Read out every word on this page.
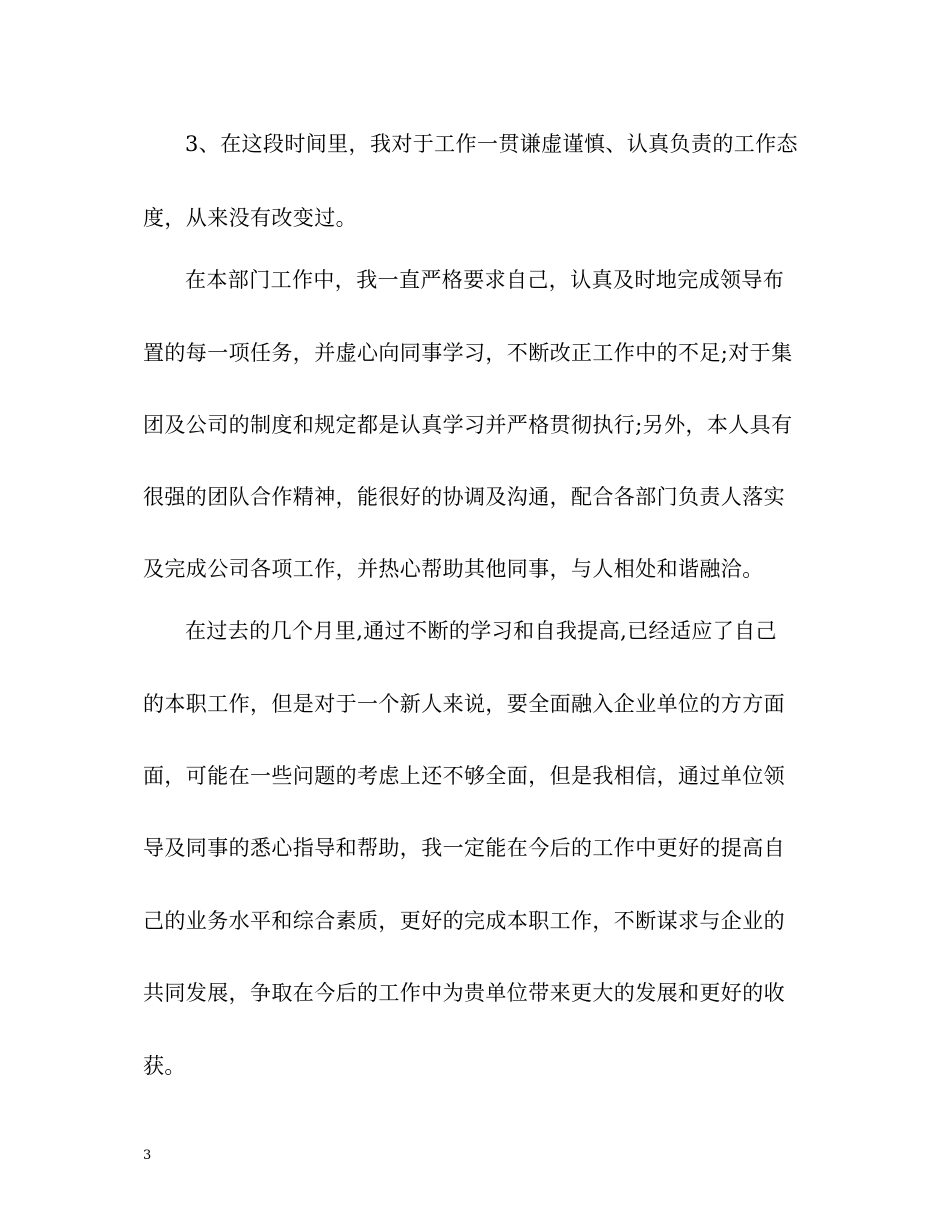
3、在这段时间里，我对于工作一贯谦虚谨慎、认真负责的工作态
度，从来没有改变过。
在本部门工作中，我一直严格要求自己，认真及时地完成领导布
置的每一项任务，并虚心向同事学习，不断改正工作中的不足;对于集
团及公司的制度和规定都是认真学习并严格贯彻执行;另外，本人具有
很强的团队合作精神，能很好的协调及沟通，配合各部门负责人落实
及完成公司各项工作，并热心帮助其他同事，与人相处和谐融洽。
在过去的几个月里,通过不断的学习和自我提高,已经适应了自己
的本职工作，但是对于一个新人来说，要全面融入企业单位的方方面
面，可能在一些问题的考虑上还不够全面，但是我相信，通过单位领
导及同事的悉心指导和帮助，我一定能在今后的工作中更好的提高自
己的业务水平和综合素质，更好的完成本职工作，不断谋求与企业的
共同发展，争取在今后的工作中为贵单位带来更大的发展和更好的收
获。
3
